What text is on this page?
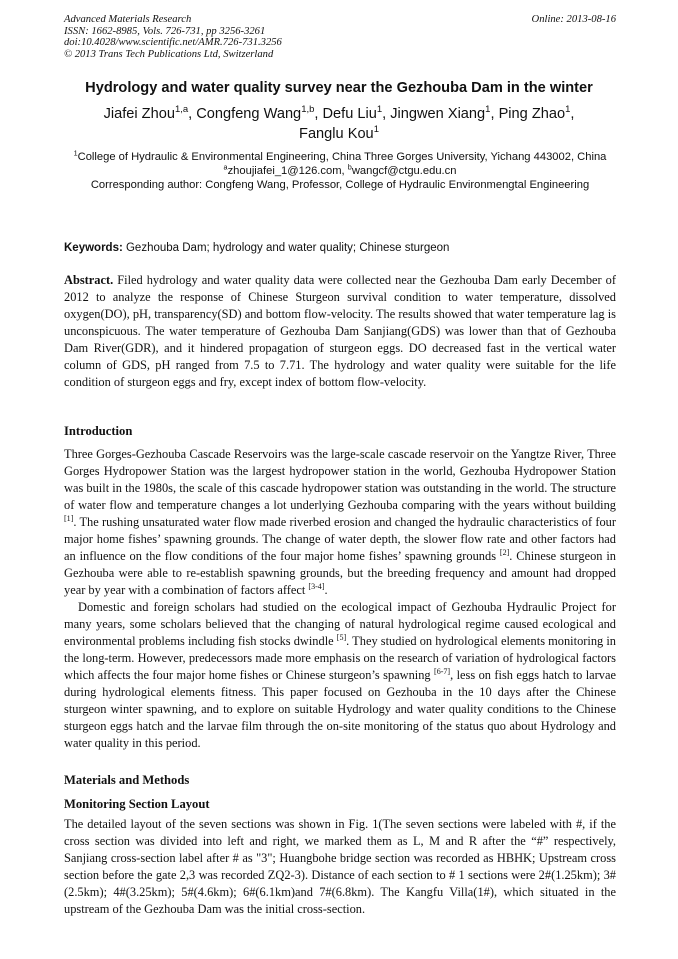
Advanced Materials Research
ISSN: 1662-8985, Vols. 726-731, pp 3256-3261
doi:10.4028/www.scientific.net/AMR.726-731.3256
© 2013 Trans Tech Publications Ltd, Switzerland
Online: 2013-08-16
Hydrology and water quality survey near the Gezhouba Dam in the winter
Jiafei Zhou$^{1,a}$, Congfeng Wang$^{1,b}$, Defu Liu$^1$, Jingwen Xiang$^1$, Ping Zhao$^1$,
Fanglu Kou$^1$
$^1$College of Hydraulic & Environmental Engineering, China Three Gorges University, Yichang 443002, China
$^a$zhoujiafei_1@126.com, $^b$wangcf@ctgu.edu.cn
Corresponding author: Congfeng Wang, Professor, College of Hydraulic Environmengtal Engineering
Keywords: Gezhouba Dam; hydrology and water quality; Chinese sturgeon

Abstract. Filed hydrology and water quality data were collected near the Gezhouba Dam early December of 2012 to analyze the response of Chinese Sturgeon survival condition to water temperature, dissolved oxygen(DO), pH, transparency(SD) and bottom flow-velocity. The results showed that water temperature lag is unconspicuous. The water temperature of Gezhouba Dam Sanjiang(GDS) was lower than that of Gezhouba Dam River(GDR), and it hindered propagation of sturgeon eggs. DO decreased fast in the vertical water column of GDS, pH ranged from 7.5 to 7.71. The hydrology and water quality were suitable for the life condition of sturgeon eggs and fry, except index of bottom flow-velocity.

Introduction

Three Gorges-Gezhouba Cascade Reservoirs was the large-scale cascade reservoir on the Yangtze River, Three Gorges Hydropower Station was the largest hydropower station in the world, Gezhouba Hydropower Station was built in the 1980s, the scale of this cascade hydropower station was outstanding in the world. The structure of water flow and temperature changes a lot underlying Gezhouba comparing with the years without building [1]. The rushing unsaturated water flow made riverbed erosion and changed the hydraulic characteristics of four major home fishes’ spawning grounds. The change of water depth, the slower flow rate and other factors had an influence on the flow conditions of the four major home fishes’ spawning grounds [2]. Chinese sturgeon in Gezhouba were able to re-establish spawning grounds, but the breeding frequency and amount had dropped year by year with a combination of factors affect [3-4].

Domestic and foreign scholars had studied on the ecological impact of Gezhouba Hydraulic Project for many years, some scholars believed that the changing of natural hydrological regime caused ecological and environmental problems including fish stocks dwindle [5]. They studied on hydrological elements monitoring in the long-term. However, predecessors made more emphasis on the research of variation of hydrological factors which affects the four major home fishes or Chinese sturgeon’s spawning [6-7], less on fish eggs hatch to larvae during hydrological elements fitness. This paper focused on Gezhouba in the 10 days after the Chinese sturgeon winter spawning, and to explore on suitable Hydrology and water quality conditions to the Chinese sturgeon eggs hatch and the larvae film through the on-site monitoring of the status quo about Hydrology and water quality in this period.

Materials and Methods
Monitoring Section Layout

The detailed layout of the seven sections was shown in Fig. 1(The seven sections were labeled with #, if the cross section was divided into left and right, we marked them as L, M and R after the “#” respectively, Sanjiang cross-section label after # as "3"; Huangbohe bridge section was recorded as HBHK; Upstream cross section before the gate 2,3 was recorded ZQ2-3). Distance of each section to # 1 sections were 2#(1.25km); 3#(2.5km); 4#(3.25km); 5#(4.6km); 6#(6.1km)and 7#(6.8km). The Kangfu Villa(1#), which situated in the upstream of the Gezhouba Dam was the initial cross-section.
